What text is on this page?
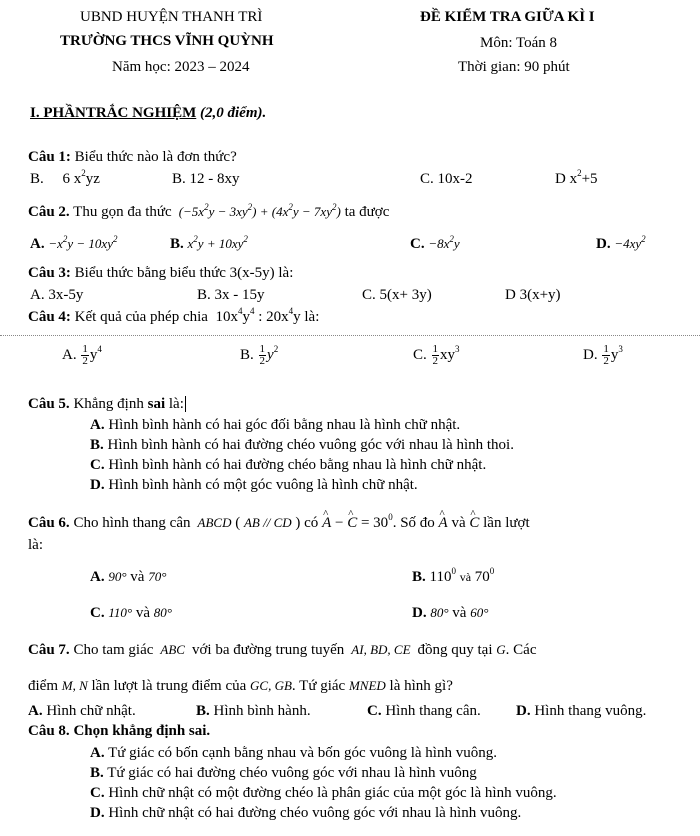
UBND HUYỆN THANH TRÌ
TRƯỜNG THCS VĨNH QUỲNH
Năm học: 2023 – 2024
ĐỀ KIỂM TRA GIỮA KÌ I
Môn: Toán 8
Thời gian: 90 phút
I. PHẦNTRẮC NGHIỆM (2,0 điểm).
Câu 1: Biểu thức nào là đơn thức?
B.     6 $x^2yz$	B. 12 - 8xy	C. 10x-2	D $x^2+5$
Câu 2. Thu gọn đa thức  $(-5x^2y - 3xy^2) + (4x^2y - 7xy^2)$ ta được
A. $-x^2y - 10xy^2$	B. $x^2y + 10xy^2$	C. $-8x^2y$	D. $-4xy^2$
Câu 3: Biểu thức bằng biểu thức 3(x-5y) là:
A. 3x-5y	B. 3x - 15y	C. 5(x+ 3y)	D 3(x+y)
Câu 4: Kết quả của phép chia  $10x^4y^4$ : $20x^4y$ là:
A. $\frac{1}{2} y^4$	B. $\frac{1}{2} y^2$	C. $\frac{1}{2} xy^3$	D. $\frac{1}{2} y^3$
Câu 5. Khẳng định sai là:
A. Hình bình hành có hai góc đối bằng nhau là hình chữ nhật.
B. Hình bình hành có hai đường chéo vuông góc với nhau là hình thoi.
C. Hình bình hành có hai đường chéo bằng nhau là hình chữ nhật.
D. Hình bình hành có một góc vuông là hình chữ nhật.
Câu 6. Cho hình thang cân  ABCD ( AB // CD ) có ^ A − ^ $C = 30^0$. Số đo ^ A và ^ C lần lượt
là:
A. 90° và 70°	B. $110^0$ và $70^0$
C. 110° và 80°	D. 80° và 60°
Câu 7. Cho tam giác  ABC  với ba đường trung tuyến  AI, BD, CE  đồng quy tại G. Các
điểm M, N lần lượt là trung điểm của GC, GB. Tứ giác MNED là hình gì?
A. Hình chữ nhật.	B. Hình bình hành.	C. Hình thang cân. D. Hình thang vuông.
Câu 8. Chọn khẳng định sai.
A. Tứ giác có bốn cạnh bằng nhau và bốn góc vuông là hình vuông.
B. Tứ giác có hai đường chéo vuông góc với nhau là hình vuông
C. Hình chữ nhật có một đường chéo là phân giác của một góc là hình vuông.
D. Hình chữ nhật có hai đường chéo vuông góc với nhau là hình vuông.
